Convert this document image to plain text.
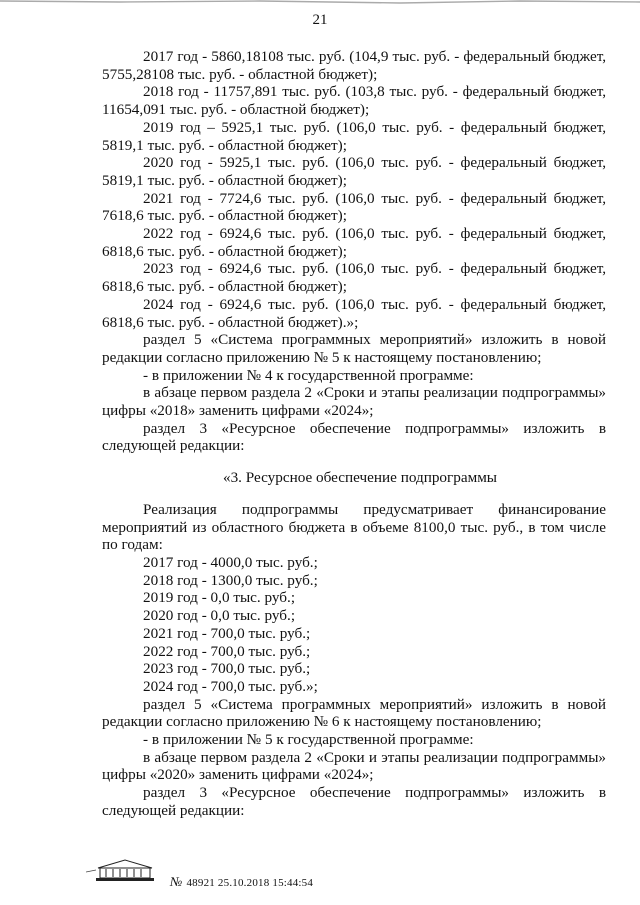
21

2017 год - 5860,18108 тыс. руб. (104,9 тыс. руб. - федеральный бюджет, 5755,28108 тыс. руб. - областной бюджет);

2018 год - 11757,891 тыс. руб. (103,8 тыс. руб. - федеральный бюджет, 11654,091 тыс. руб. - областной бюджет);

2019 год – 5925,1 тыс. руб. (106,0 тыс. руб. - федеральный бюджет, 5819,1 тыс. руб. - областной бюджет);

2020 год - 5925,1 тыс. руб. (106,0 тыс. руб. - федеральный бюджет, 5819,1 тыс. руб. - областной бюджет);

2021 год - 7724,6 тыс. руб. (106,0 тыс. руб. - федеральный бюджет, 7618,6 тыс. руб. - областной бюджет);

2022 год - 6924,6 тыс. руб. (106,0 тыс. руб. - федеральный бюджет, 6818,6 тыс. руб. - областной бюджет);

2023 год - 6924,6 тыс. руб. (106,0 тыс. руб. - федеральный бюджет, 6818,6 тыс. руб. - областной бюджет);

2024 год - 6924,6 тыс. руб. (106,0 тыс. руб. - федеральный бюджет, 6818,6 тыс. руб. - областной бюджет).»;

раздел 5 «Система программных мероприятий» изложить в новой редакции согласно приложению № 5 к настоящему постановлению;

- в приложении № 4 к государственной программе:

в абзаце первом раздела 2 «Сроки и этапы реализации подпрограммы» цифры «2018» заменить цифрами «2024»;

раздел 3 «Ресурсное обеспечение подпрограммы» изложить в следующей редакции:

«3. Ресурсное обеспечение подпрограммы

Реализация подпрограммы предусматривает финансирование мероприятий из областного бюджета в объеме 8100,0 тыс. руб., в том числе по годам:

2017 год - 4000,0 тыс. руб.;

2018 год - 1300,0 тыс. руб.;

2019 год - 0,0 тыс. руб.;

2020 год - 0,0 тыс. руб.;

2021 год - 700,0 тыс. руб.;

2022 год - 700,0 тыс. руб.;

2023 год - 700,0 тыс. руб.;

2024 год - 700,0 тыс. руб.»;

раздел 5 «Система программных мероприятий» изложить в новой редакции согласно приложению № 6 к настоящему постановлению;

- в приложении № 5 к государственной программе:

в абзаце первом раздела 2 «Сроки и этапы реализации подпрограммы» цифры «2020» заменить цифрами «2024»;

раздел 3 «Ресурсное обеспечение подпрограммы» изложить в следующей редакции:

№ 48921 25.10.2018 15:44:54
